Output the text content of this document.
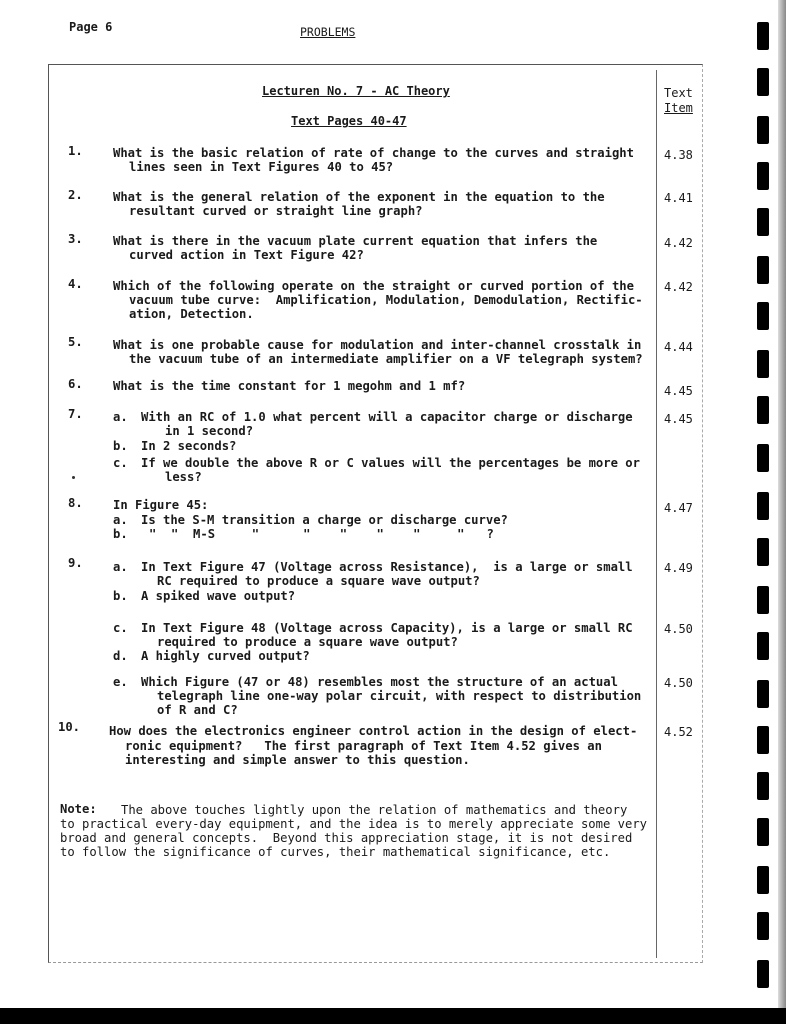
Page 6	PROBLEMS
Text
Item
Lecturen No. 7 - AC Theory
Text Pages 40-47
1. What is the basic relation of rate of change to the curves and straight
lines seen in Text Figures 40 to 45?
4.38
2. What is the general relation of the exponent in the equation to the
resultant curved or straight line graph?
4.41
3. What is there in the vacuum plate current equation that infers the
curved action in Text Figure 42?
4.42
4. Which of the following operate on the straight or curved portion of the
vacuum tube curve:  Amplification, Modulation, Demodulation, Rectific-
ation, Detection.
4.42
5. What is one probable cause for modulation and inter-channel crosstalk in
the vacuum tube of an intermediate amplifier on a VF telegraph system?
4.44
6. What is the time constant for 1 megohm and 1 mf?	4.45
7. a. With an RC of 1.0 what percent will a capacitor charge or discharge
in 1 second?
b. In 2 seconds?
c. If we double the above R or C values will the percentages be more or
less?
4.45
8. In Figure 45:
a. Is the S-M transition a charge or discharge curve?
b. "  "  M-S     "      "    "    "    "     "   ?
4.47
9. a. In Text Figure 47 (Voltage across Resistance),  is a large or small
RC required to produce a square wave output?
4.49
b. A spiked wave output?
c. In Text Figure 48 (Voltage across Capacity), is a large or small RC
required to produce a square wave output?
4.50
d. A highly curved output?
e. Which Figure (47 or 48) resembles most the structure of an actual
telegraph line one-way polar circuit, with respect to distribution
of R and C?
4.50
10. How does the electronics engineer control action in the design of elect-
ronic equipment?   The first paragraph of Text Item 4.52 gives an
interesting and simple answer to this question.
4.52
Note: The above touches lightly upon the relation of mathematics and theory
to practical every-day equipment, and the idea is to merely appreciate some very
broad and general concepts.  Beyond this appreciation stage, it is not desired
to follow the significance of curves, their mathematical significance, etc.
